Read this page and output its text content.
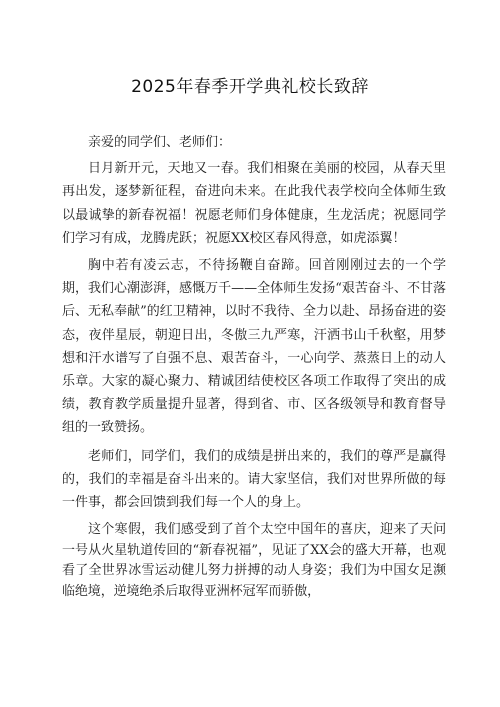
2025年春季开学典礼校长致辞

亲爱的同学们、老师们：

日月新开元，天地又一春。我们相聚在美丽的校园，从春天里再出发，逐梦新征程，奋进向未来。在此我代表学校向全体师生致以最诚挚的新春祝福！祝愿老师们身体健康，生龙活虎；祝愿同学们学习有成，龙腾虎跃；祝愿XX校区春风得意，如虎添翼！

胸中若有凌云志，不待扬鞭自奋蹄。回首刚刚过去的一个学期，我们心潮澎湃，感慨万千——全体师生发扬“艰苦奋斗、不甘落后、无私奉献”的红卫精神，以时不我待、全力以赴、昂扬奋进的姿态，夜伴星辰，朝迎日出，冬傲三九严寒，汗洒书山千秋壑，用梦想和汗水谱写了自强不息、艰苦奋斗，一心向学、蒸蒸日上的动人乐章。大家的凝心聚力、精诚团结使校区各项工作取得了突出的成绩，教育教学质量提升显著，得到省、市、区各级领导和教育督导组的一致赞扬。

老师们，同学们，我们的成绩是拼出来的，我们的尊严是赢得的，我们的幸福是奋斗出来的。请大家坚信，我们对世界所做的每一件事，都会回馈到我们每一个人的身上。

这个寒假，我们感受到了首个太空中国年的喜庆，迎来了天问一号从火星轨道传回的“新春祝福”，见证了XX会的盛大开幕，也观看了全世界冰雪运动健儿努力拼搏的动人身姿；我们为中国女足濒临绝境，逆境绝杀后取得亚洲杯冠军而骄傲，
